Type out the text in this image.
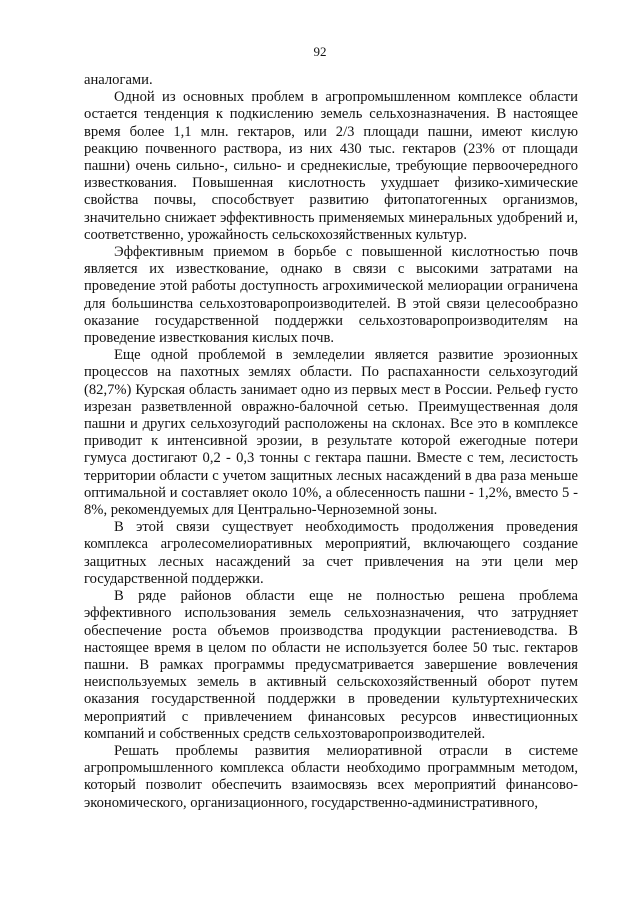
92

аналогами.

Одной из основных проблем в агропромышленном комплексе области остается тенденция к подкислению земель сельхозназначения. В настоящее время более 1,1 млн. гектаров, или 2/3 площади пашни, имеют кислую реакцию почвенного раствора, из них 430 тыс. гектаров (23% от площади пашни) очень сильно-, сильно- и среднекислые, требующие первоочередного известкования. Повышенная кислотность ухудшает физико-химические свойства почвы, способствует развитию фитопатогенных организмов, значительно снижает эффективность применяемых минеральных удобрений и, соответственно, урожайность сельскохозяйственных культур.

Эффективным приемом в борьбе с повышенной кислотностью почв является их известкование, однако в связи с высокими затратами на проведение этой работы доступность агрохимической мелиорации ограничена для большинства сельхозтоваропроизводителей. В этой связи целесообразно оказание государственной поддержки сельхозтоваропроизводителям на проведение известкования кислых почв.

Еще одной проблемой в земледелии является развитие эрозионных процессов на пахотных землях области. По распаханности сельхозугодий (82,7%) Курская область занимает одно из первых мест в России. Рельеф густо изрезан разветвленной овражно-балочной сетью. Преимущественная доля пашни и других сельхозугодий расположены на склонах. Все это в комплексе приводит к интенсивной эрозии, в результате которой ежегодные потери гумуса достигают 0,2 - 0,3 тонны с гектара пашни. Вместе с тем, лесистость территории области с учетом защитных лесных насаждений в два раза меньше оптимальной и составляет около 10%, а облесенность пашни - 1,2%, вместо 5 - 8%, рекомендуемых для Центрально-Черноземной зоны.

В этой связи существует необходимость продолжения проведения комплекса агролесомелиоративных мероприятий, включающего создание защитных лесных насаждений за счет привлечения на эти цели мер государственной поддержки.

В ряде районов области еще не полностью решена проблема эффективного использования земель сельхозназначения, что затрудняет обеспечение роста объемов производства продукции растениеводства. В настоящее время в целом по области не используется более 50 тыс. гектаров пашни. В рамках программы предусматривается завершение вовлечения неиспользуемых земель в активный сельскохозяйственный оборот путем оказания государственной поддержки в проведении культуртехнических мероприятий с привлечением финансовых ресурсов инвестиционных компаний и собственных средств сельхозтоваропроизводителей.

Решать проблемы развития мелиоративной отрасли в системе агропромышленного комплекса области необходимо программным методом, который позволит обеспечить взаимосвязь всех мероприятий финансово-экономического, организационного, государственно-административного,
